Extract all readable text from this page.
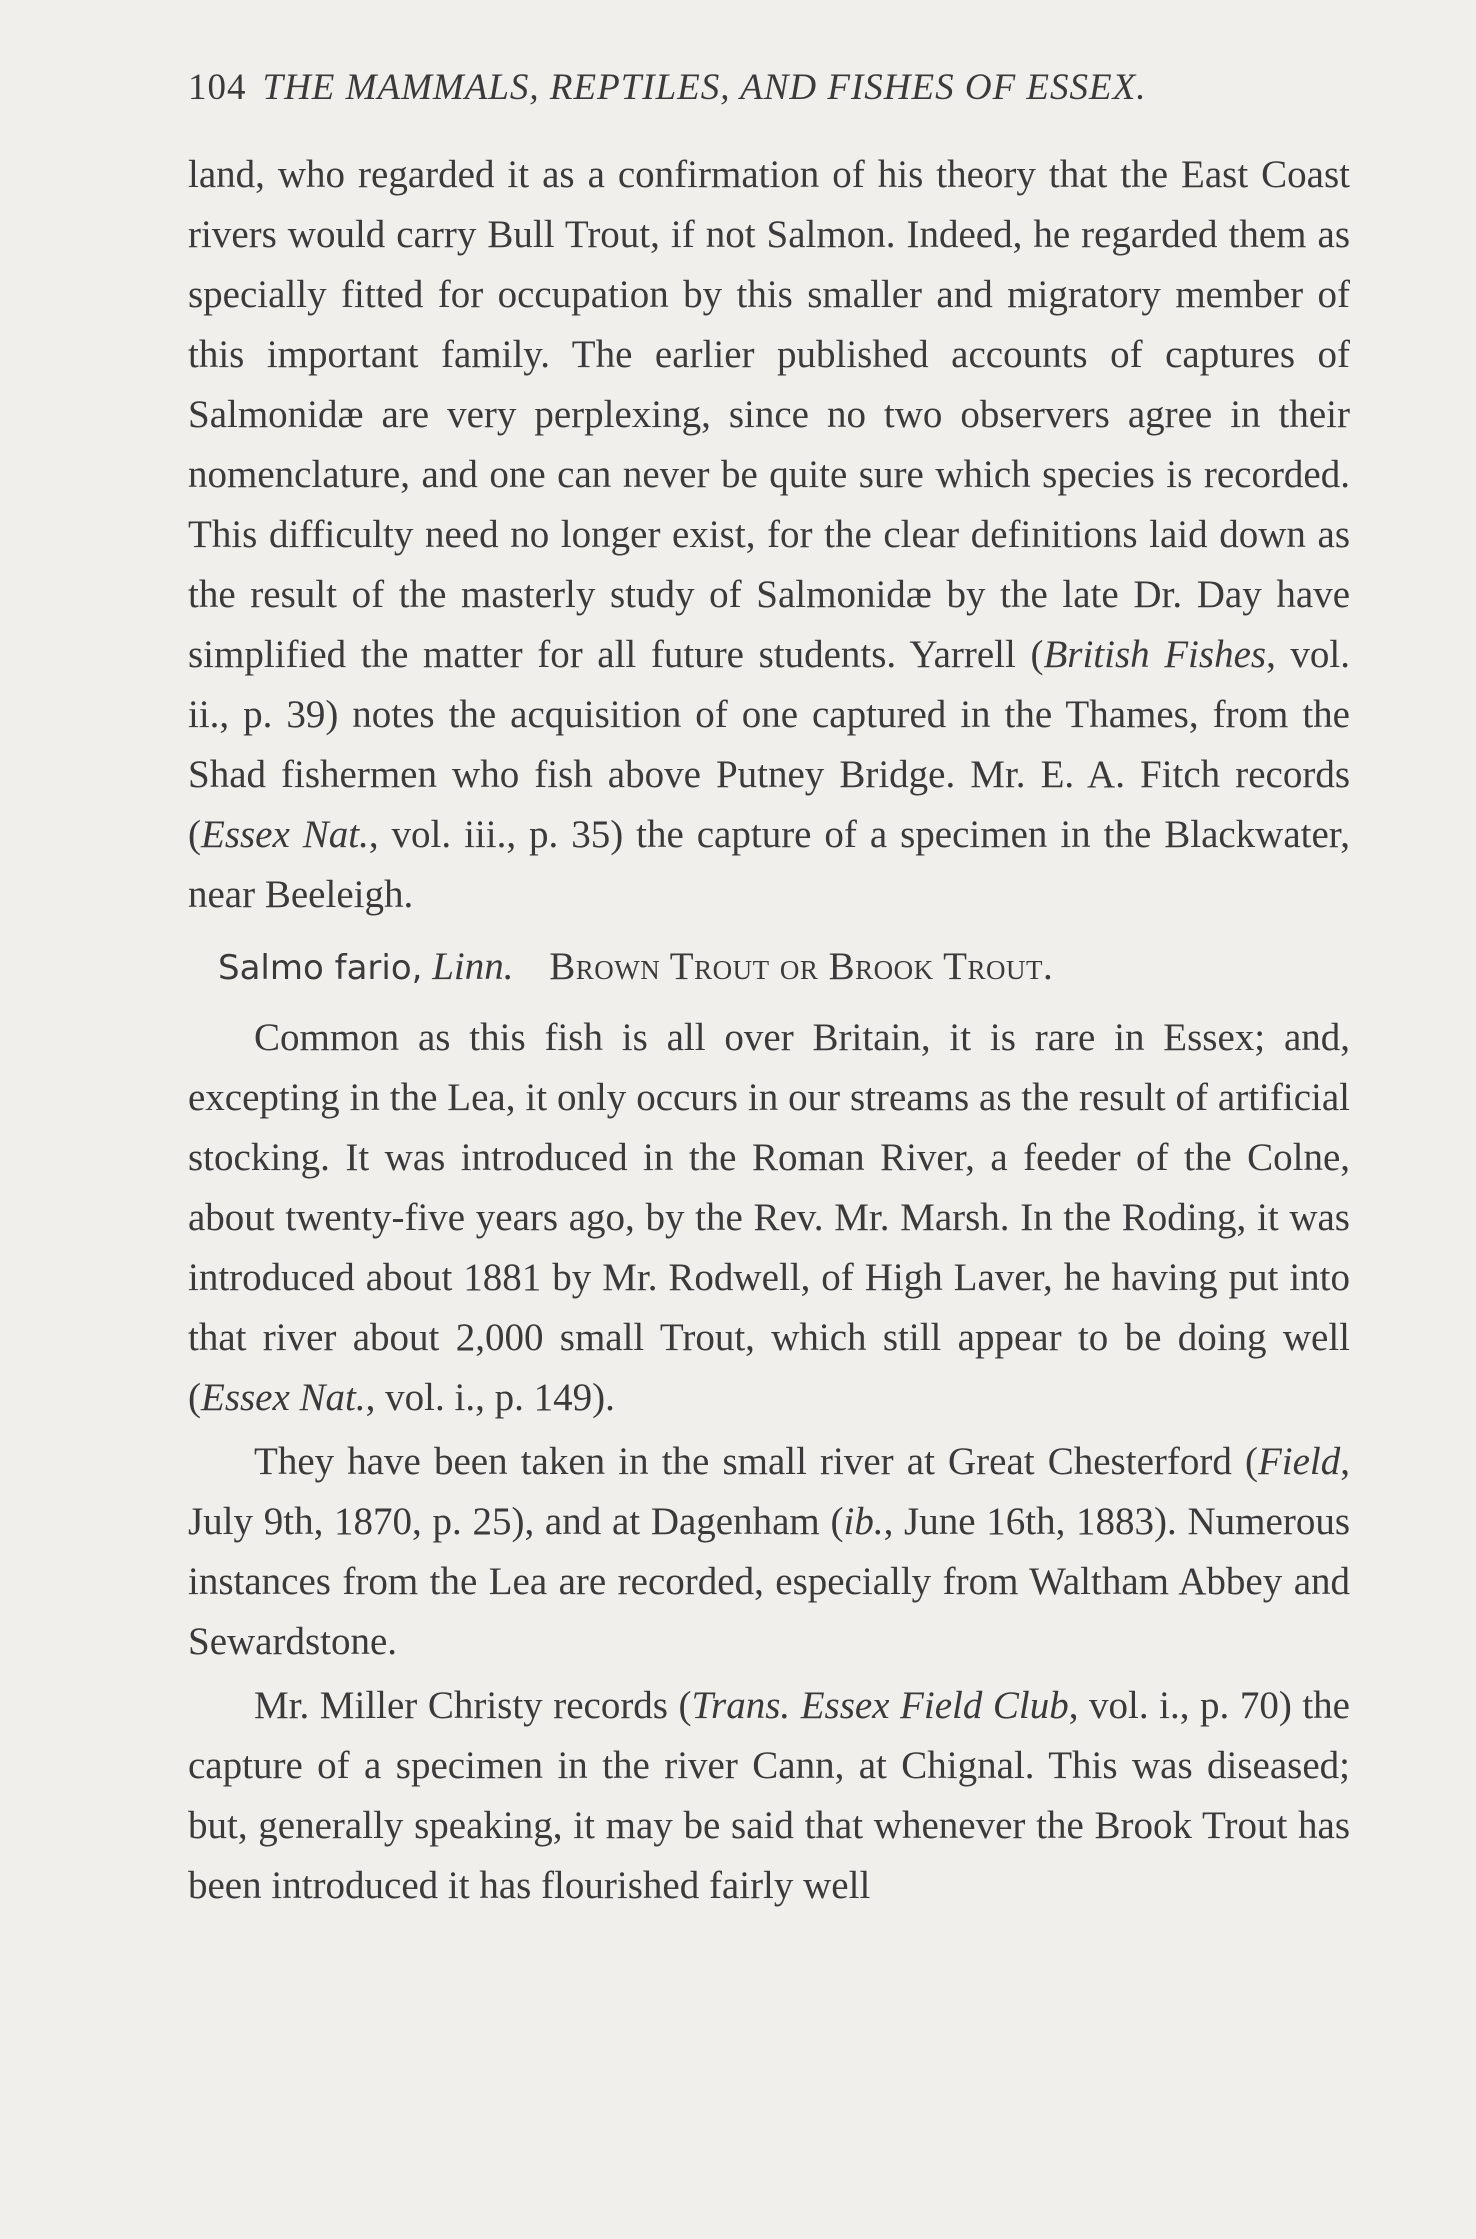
104 THE MAMMALS, REPTILES, AND FISHES OF ESSEX.

land, who regarded it as a confirmation of his theory that the East Coast rivers would carry Bull Trout, if not Salmon. Indeed, he regarded them as specially fitted for occupation by this smaller and migratory member of this important family. The earlier published accounts of captures of Salmonidæ are very perplexing, since no two observers agree in their nomenclature, and one can never be quite sure which species is recorded. This difficulty need no longer exist, for the clear definitions laid down as the result of the masterly study of Salmonidæ by the late Dr. Day have simplified the matter for all future students. Yarrell (British Fishes, vol. ii., p. 39) notes the acquisition of one captured in the Thames, from the Shad fishermen who fish above Putney Bridge. Mr. E. A. Fitch records (Essex Nat., vol. iii., p. 35) the capture of a specimen in the Blackwater, near Beeleigh.

Salmo fario, Linn. Brown Trout or Brook Trout.

Common as this fish is all over Britain, it is rare in Essex; and, excepting in the Lea, it only occurs in our streams as the result of artificial stocking. It was introduced in the Roman River, a feeder of the Colne, about twenty-five years ago, by the Rev. Mr. Marsh. In the Roding, it was introduced about 1881 by Mr. Rodwell, of High Laver, he having put into that river about 2,000 small Trout, which still appear to be doing well (Essex Nat., vol. i., p. 149).

They have been taken in the small river at Great Chesterford (Field, July 9th, 1870, p. 25), and at Dagenham (ib., June 16th, 1883). Numerous instances from the Lea are recorded, especially from Waltham Abbey and Sewardstone.

Mr. Miller Christy records (Trans. Essex Field Club, vol. i., p. 70) the capture of a specimen in the river Cann, at Chignal. This was diseased; but, generally speaking, it may be said that whenever the Brook Trout has been introduced it has flourished fairly well
